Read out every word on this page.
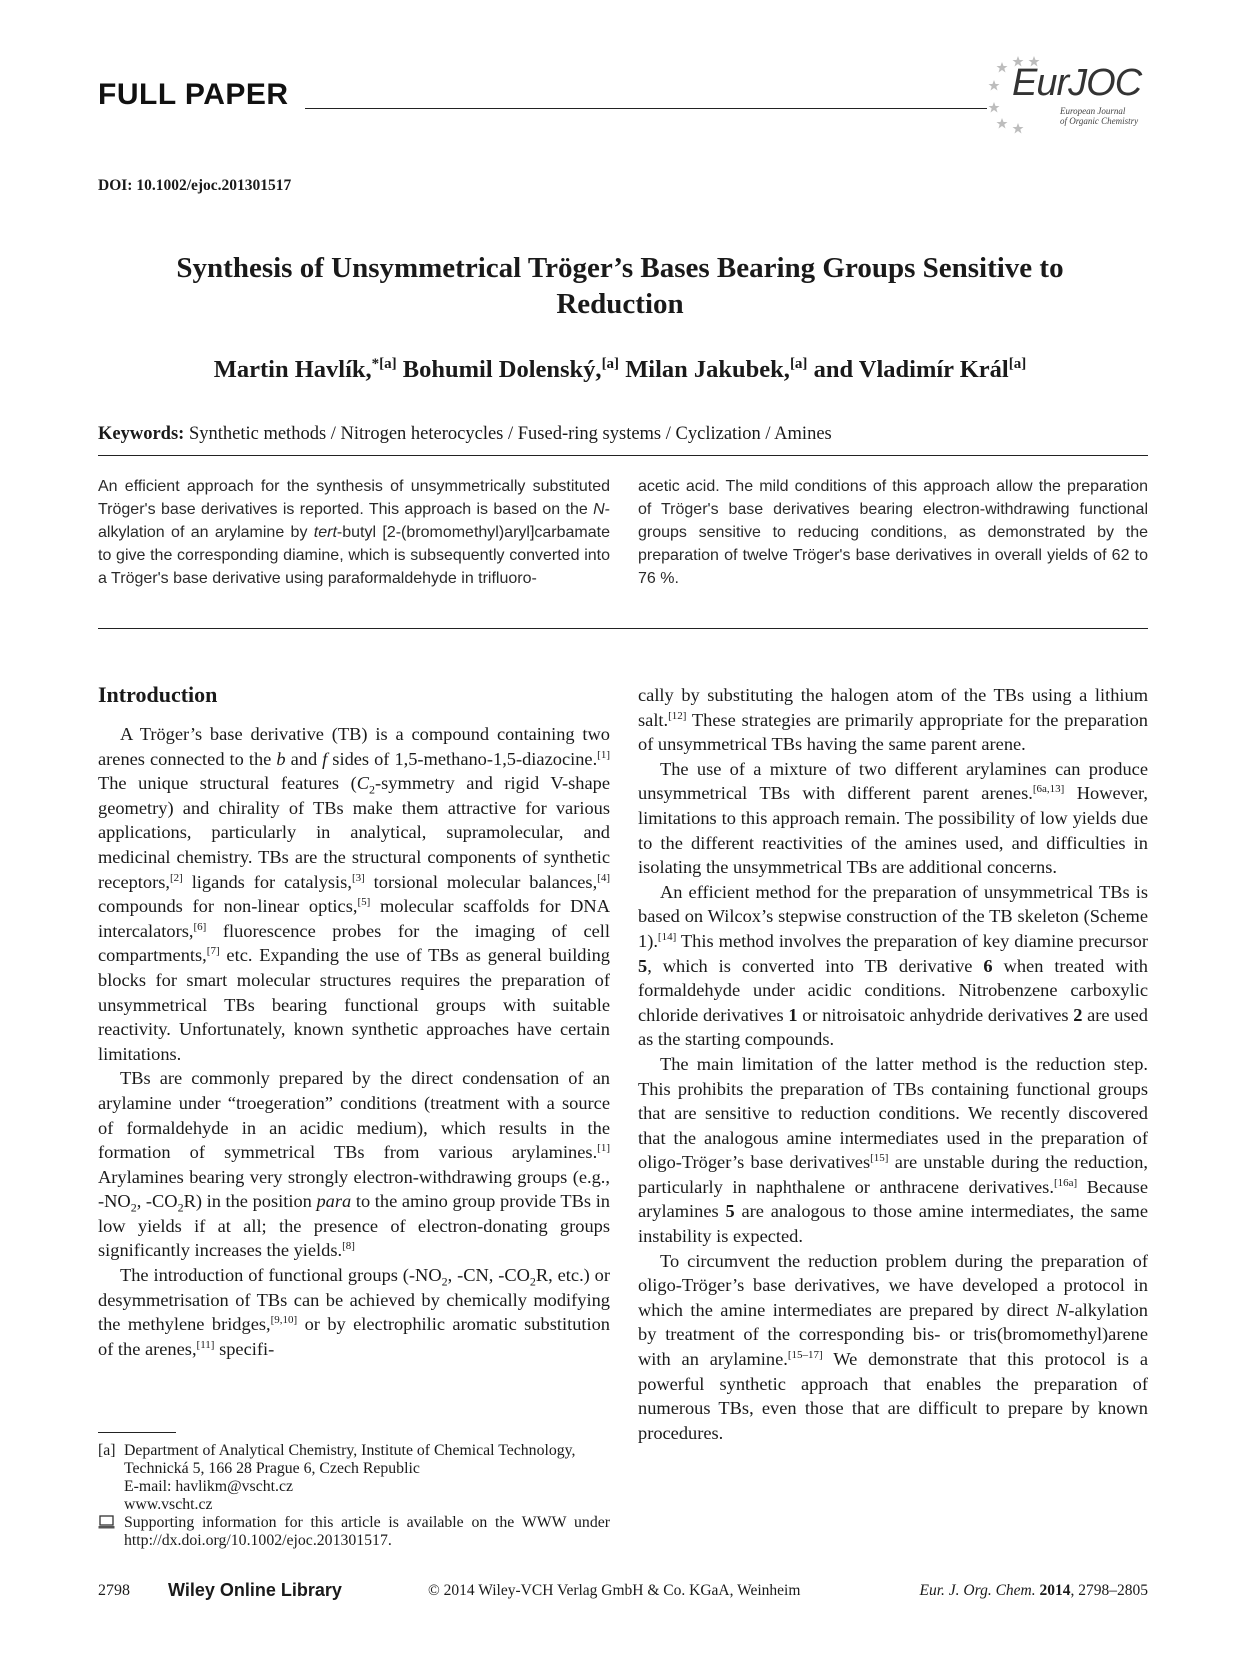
FULL PAPER	EurJOC
European Journal
of Organic Chemistry
DOI: 10.1002/ejoc.201301517
Synthesis of Unsymmetrical Tröger’s Bases Bearing Groups Sensitive to
Reduction
Martin Havlík,$^{*[a]}$ Bohumil Dolenský,[a] Milan Jakubek,[a] and Vladimír Král[a]
Keywords: Synthetic methods / Nitrogen heterocycles / Fused-ring systems / Cyclization / Amines
An efficient approach for the synthesis of unsymmetrically substituted Tröger's base derivatives is reported. This approach is based on the N-alkylation of an arylamine by tert-butyl [2-(bromomethyl)aryl]carbamate to give the corresponding diamine, which is subsequently converted into a Tröger's base derivative using paraformaldehyde in trifluoro-
acetic acid. The mild conditions of this approach allow the preparation of Tröger's base derivatives bearing electron-withdrawing functional groups sensitive to reducing conditions, as demonstrated by the preparation of twelve Tröger's base derivatives in overall yields of 62 to 76 %.
Introduction

A Tröger’s base derivative (TB) is a compound containing two arenes connected to the b and f sides of 1,5-methano-1,5-diazocine.[1] The unique structural features ($C_2$-symmetry and rigid V-shape geometry) and chirality of TBs make them attractive for various applications, particularly in analytical, supramolecular, and medicinal chemistry. TBs are the structural components of synthetic receptors,[2] ligands for catalysis,[3] torsional molecular balances,[4] compounds for non-linear optics,[5] molecular scaffolds for DNA intercalators,[6] fluorescence probes for the imaging of cell compartments,[7] etc. Expanding the use of TBs as general building blocks for smart molecular structures requires the preparation of unsymmetrical TBs bearing functional groups with suitable reactivity. Unfortunately, known synthetic approaches have certain limitations.

TBs are commonly prepared by the direct condensation of an arylamine under “troegeration” conditions (treatment with a source of formaldehyde in an acidic medium), which results in the formation of symmetrical TBs from various arylamines.[1] Arylamines bearing very strongly electron-withdrawing groups (e.g., $-NO_2$, $-CO_2R$) in the position para to the amino group provide TBs in low yields if at all; the presence of electron-donating groups significantly increases the yields.[8]

The introduction of functional groups ($-NO_2$, -CN, $-CO_2R$, etc.) or desymmetrisation of TBs can be achieved by chemically modifying the methylene bridges,[9,10] or by electrophilic aromatic substitution of the arenes,[11] specifi-

cally by substituting the halogen atom of the TBs using a lithium salt.[12] These strategies are primarily appropriate for the preparation of unsymmetrical TBs having the same parent arene.

The use of a mixture of two different arylamines can produce unsymmetrical TBs with different parent arenes.[6a,13] However, limitations to this approach remain. The possibility of low yields due to the different reactivities of the amines used, and difficulties in isolating the unsymmetrical TBs are additional concerns.

An efficient method for the preparation of unsymmetrical TBs is based on Wilcox’s stepwise construction of the TB skeleton (Scheme 1).[14] This method involves the preparation of key diamine precursor 5, which is converted into TB derivative 6 when treated with formaldehyde under acidic conditions. Nitrobenzene carboxylic chloride derivatives 1 or nitroisatoic anhydride derivatives 2 are used as the starting compounds.

The main limitation of the latter method is the reduction step. This prohibits the preparation of TBs containing functional groups that are sensitive to reduction conditions. We recently discovered that the analogous amine intermediates used in the preparation of oligo-Tröger’s base derivatives[15] are unstable during the reduction, particularly in naphthalene or anthracene derivatives.[16a] Because arylamines 5 are analogous to those amine intermediates, the same instability is expected.

To circumvent the reduction problem during the preparation of oligo-Tröger’s base derivatives, we have developed a protocol in which the amine intermediates are prepared by direct N-alkylation by treatment of the corresponding bis- or tris(bromomethyl)arene with an arylamine.[15–17] We demonstrate that this protocol is a powerful synthetic approach that enables the preparation of numerous TBs, even those that are difficult to prepare by known procedures.

[a] Department of Analytical Chemistry, Institute of Chemical Technology,
Technická 5, 166 28 Prague 6, Czech Republic
E-mail: havlikm@vscht.cz
www.vscht.cz
Supporting information for this article is available on the WWW under http://dx.doi.org/10.1002/ejoc.201301517.
2798 Wiley Online Library	© 2014 Wiley-VCH Verlag GmbH & Co. KGaA, Weinheim	Eur. J. Org. Chem. 2014, 2798–2805
